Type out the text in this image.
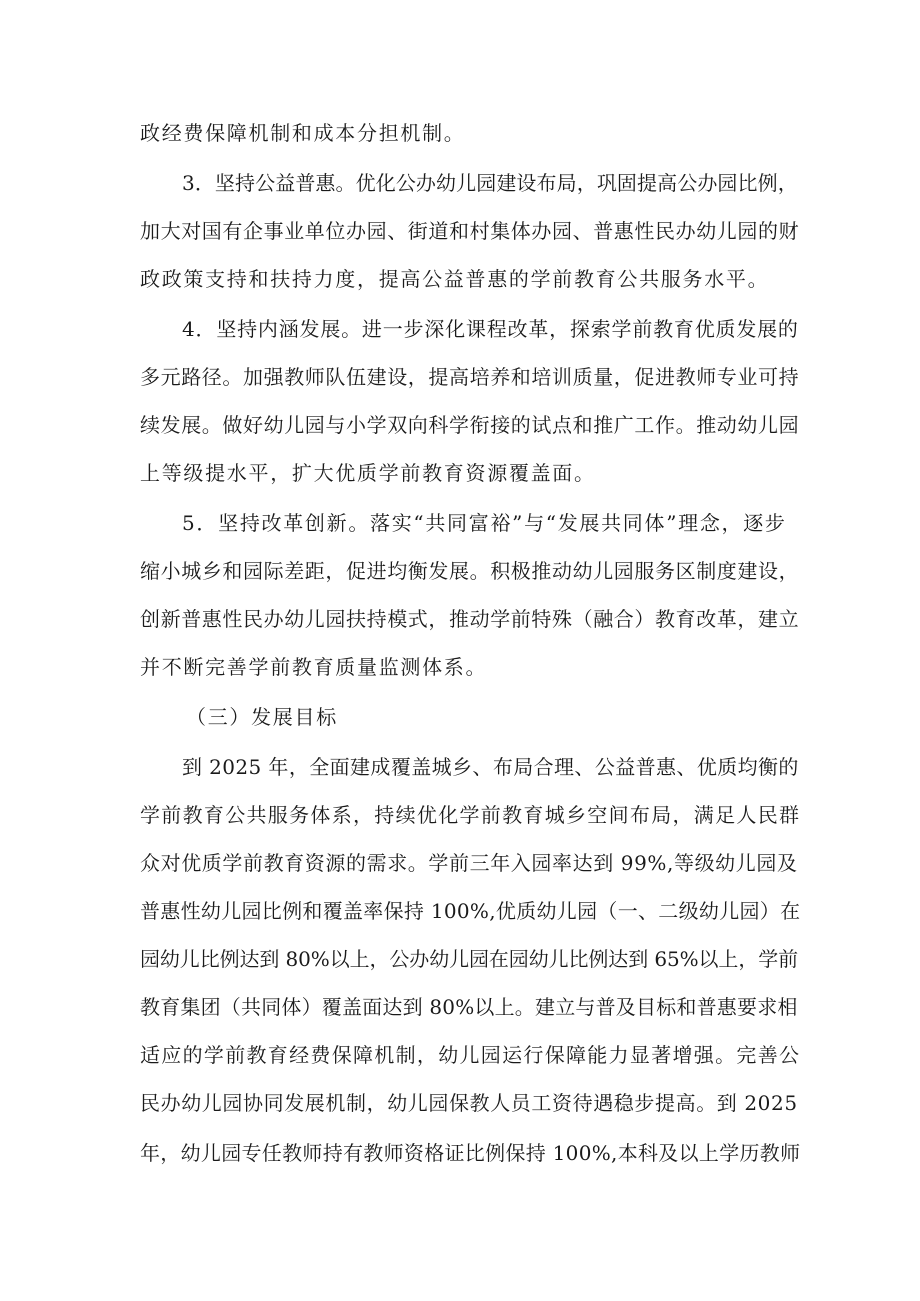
政经费保障机制和成本分担机制。
3．坚持公益普惠。优化公办幼儿园建设布局，巩固提高公办园比例，
加大对国有企事业单位办园、街道和村集体办园、普惠性民办幼儿园的财
政政策支持和扶持力度，提高公益普惠的学前教育公共服务水平。
4．坚持内涵发展。进一步深化课程改革，探索学前教育优质发展的
多元路径。加强教师队伍建设，提高培养和培训质量，促进教师专业可持
续发展。做好幼儿园与小学双向科学衔接的试点和推广工作。推动幼儿园
上等级提水平，扩大优质学前教育资源覆盖面。
5．坚持改革创新。落实“共同富裕”与“发展共同体”理念，逐步
缩小城乡和园际差距，促进均衡发展。积极推动幼儿园服务区制度建设，
创新普惠性民办幼儿园扶持模式，推动学前特殊（融合）教育改革，建立
并不断完善学前教育质量监测体系。
（三）发展目标
到 2025 年，全面建成覆盖城乡、布局合理、公益普惠、优质均衡的
学前教育公共服务体系，持续优化学前教育城乡空间布局，满足人民群
众对优质学前教育资源的需求。学前三年入园率达到 99%,等级幼儿园及
普惠性幼儿园比例和覆盖率保持 100%,优质幼儿园（一、二级幼儿园）在
园幼儿比例达到 80%以上，公办幼儿园在园幼儿比例达到 65%以上，学前
教育集团（共同体）覆盖面达到 80%以上。建立与普及目标和普惠要求相
适应的学前教育经费保障机制，幼儿园运行保障能力显著增强。完善公
民办幼儿园协同发展机制，幼儿园保教人员工资待遇稳步提高。到 2025
年，幼儿园专任教师持有教师资格证比例保持 100%,本科及以上学历教师
